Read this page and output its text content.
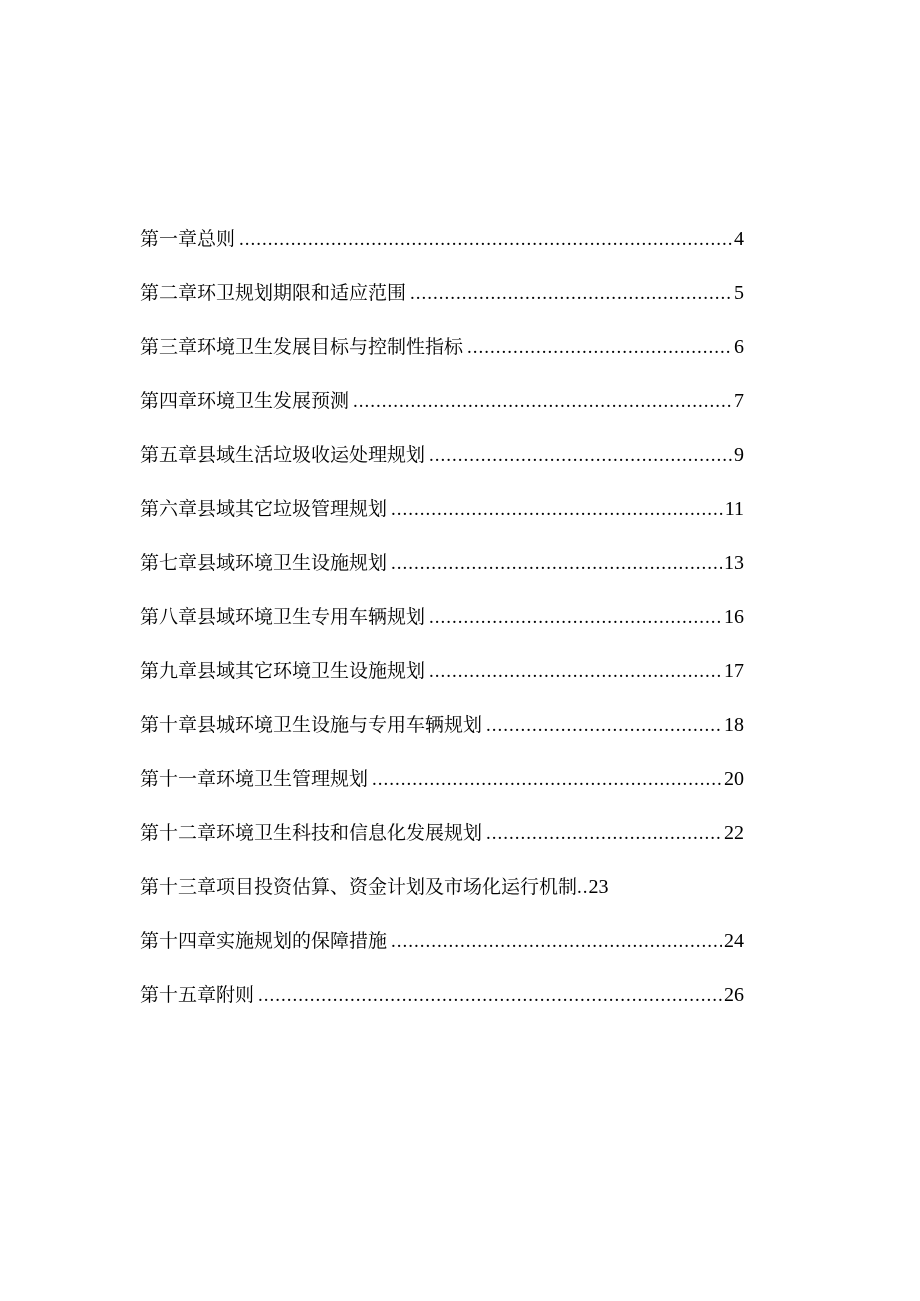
第一章总则 .....	4
第二章环卫规划期限和适应范围 .....	5
第三章环境卫生发展目标与控制性指标 .....	6
第四章环境卫生发展预测 .....	7
第五章县域生活垃圾收运处理规划 .....	9
第六章县域其它垃圾管理规划 .....	11
第七章县域环境卫生设施规划 .....	13
第八章县域环境卫生专用车辆规划 .....	16
第九章县域其它环境卫生设施规划 .....	17
第十章县城环境卫生设施与专用车辆规划 .....	18
第十一章环境卫生管理规划 .....	20
第十二章环境卫生科技和信息化发展规划 .....	22
第十三章项目投资估算、资金计划及市场化运行机制 .. 23
第十四章实施规划的保障措施 .....	24
第十五章附则 .....	26
